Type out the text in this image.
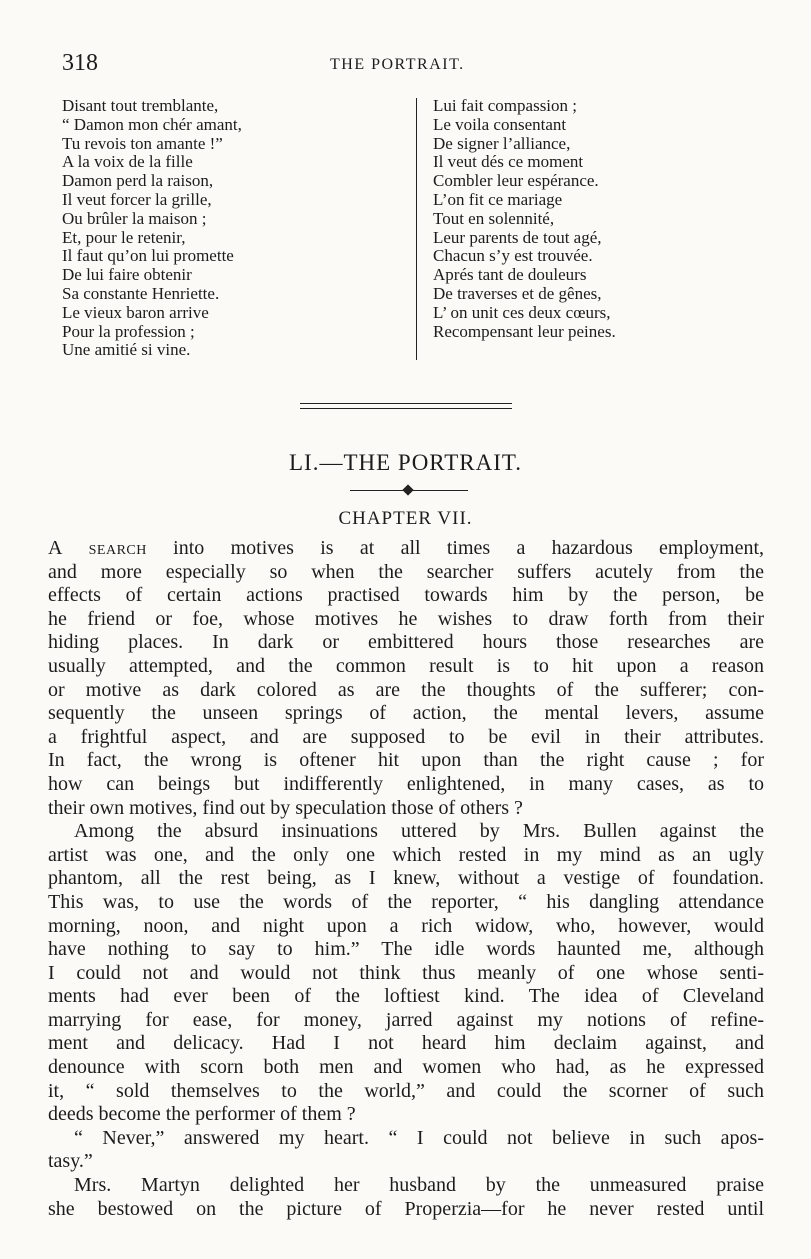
318	THE PORTRAIT.
Disant tout tremblante,
“ Damon mon chér amant,
Tu revois ton amante !”
A la voix de la fille
Damon perd la raison,
Il veut forcer la grille,
Ou brûler la maison ;
Et, pour le retenir,
Il faut qu’on lui promette
De lui faire obtenir
Sa constante Henriette.
Le vieux baron arrive
Pour la profession ;
Une amitié si vine.
Lui fait compassion ;
Le voila consentant
De signer l’alliance,
Il veut dés ce moment
Combler leur espérance.
L’on fit ce mariage
Tout en solennité,
Leur parents de tout agé,
Chacun s’y est trouvée.
Aprés tant de douleurs
De traverses et de gênes,
L’ on unit ces deux cœurs,
Recompensant leur peines.
LI.—THE PORTRAIT.
CHAPTER VII.
A search into motives is at all times a hazardous employment,
and more especially so when the searcher suffers acutely from the
effects of certain actions practised towards him by the person, be
he friend or foe, whose motives he wishes to draw forth from their
hiding places. In dark or embittered hours those researches are
usually attempted, and the common result is to hit upon a reason
or motive as dark colored as are the thoughts of the sufferer; con-
sequently the unseen springs of action, the mental levers, assume
a frightful aspect, and are supposed to be evil in their attributes.
In fact, the wrong is oftener hit upon than the right cause ; for
how can beings but indifferently enlightened, in many cases, as to
their own motives, find out by speculation those of others ?
Among the absurd insinuations uttered by Mrs. Bullen against the
artist was one, and the only one which rested in my mind as an ugly
phantom, all the rest being, as I knew, without a vestige of foundation.
This was, to use the words of the reporter, “ his dangling attendance
morning, noon, and night upon a rich widow, who, however, would
have nothing to say to him.” The idle words haunted me, although
I could not and would not think thus meanly of one whose senti-
ments had ever been of the loftiest kind. The idea of Cleveland
marrying for ease, for money, jarred against my notions of refine-
ment and delicacy. Had I not heard him declaim against, and
denounce with scorn both men and women who had, as he expressed
it, “ sold themselves to the world,” and could the scorner of such
deeds become the performer of them ?
“ Never,” answered my heart. “ I could not believe in such apos-
tasy.”
Mrs. Martyn delighted her husband by the unmeasured praise
she bestowed on the picture of Properzia—for he never rested until
